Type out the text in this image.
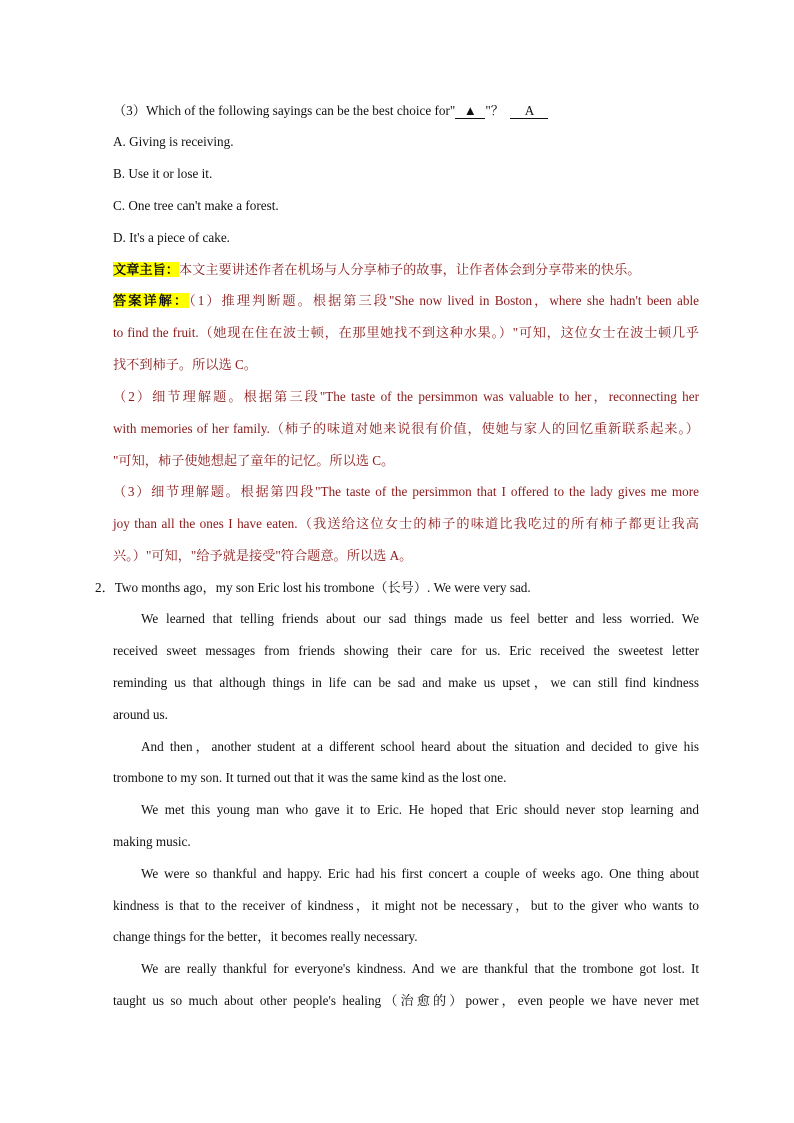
（3）Which of the following sayings can be the best choice for" ▲ "？ A
A. Giving is receiving.
B. Use it or lose it.
C. One tree can't make a forest.
D. It's a piece of cake.
文章主旨：本文主要讲述作者在机场与人分享柿子的故事，让作者体会到分享带来的快乐。
答案详解：（1）推理判断题。根据第三段"She now lived in Boston，where she hadn't been able
to find the fruit.（她现在住在波士顿，在那里她找不到这种水果。）"可知，这位女士在波士顿几乎
找不到柿子。所以选 C。
（2）细节理解题。根据第三段"The taste of the persimmon was valuable to her，reconnecting her
with memories of her family.（柿子的味道对她来说很有价值，使她与家人的回忆重新联系起来。）
"可知，柿子使她想起了童年的记忆。所以选 C。
（3）细节理解题。根据第四段"The taste of the persimmon that I offered to the lady gives me more
joy than all the ones I have eaten.（我送给这位女士的柿子的味道比我吃过的所有柿子都更让我高
兴。）"可知，"给予就是接受"符合题意。所以选 A。
2．Two months ago，my son Eric lost his trombone（长号）. We were very sad.
We learned that telling friends about our sad things made us feel better and less worried. We
received sweet messages from friends showing their care for us. Eric received the sweetest letter
reminding us that although things in life can be sad and make us upset，we can still find kindness
around us.
And then，another student at a different school heard about the situation and decided to give his
trombone to my son. It turned out that it was the same kind as the lost one.
We met this young man who gave it to Eric. He hoped that Eric should never stop learning and
making music.
We were so thankful and happy. Eric had his first concert a couple of weeks ago. One thing about
kindness is that to the receiver of kindness，it might not be necessary，but to the giver who wants to
change things for the better，it becomes really necessary.
We are really thankful for everyone's kindness. And we are thankful that the trombone got lost. It
taught us so much about other people's healing（治愈的）power，even people we have never met
